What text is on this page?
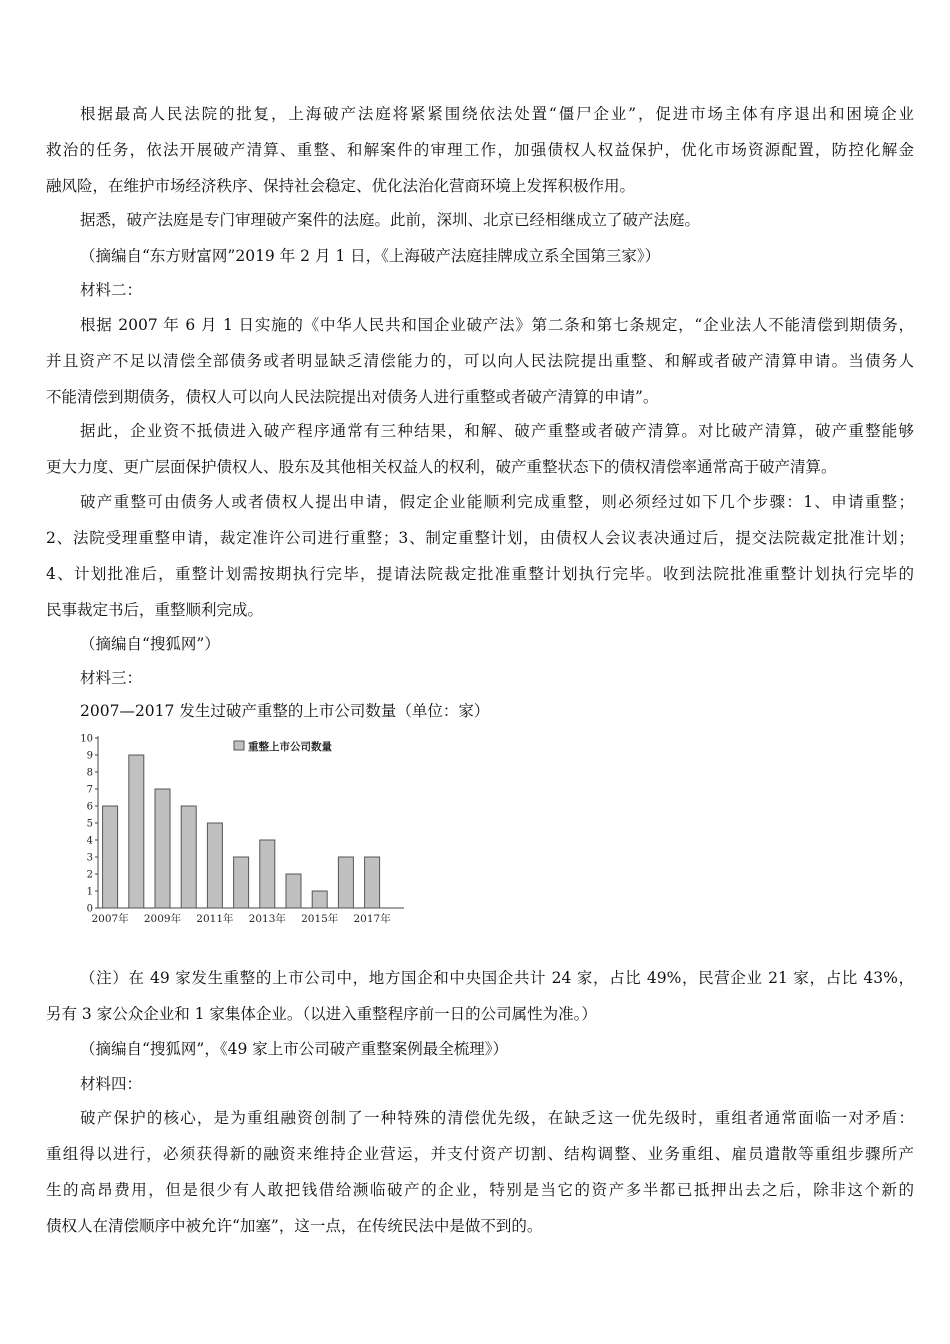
根据最高人民法院的批复，上海破产法庭将紧紧围绕依法处置“僵尸企业”，促进市场主体有序退出和困境企业
救治的任务，依法开展破产清算、重整、和解案件的审理工作，加强债权人权益保护，优化市场资源配置，防控化解金
融风险，在维护市场经济秩序、保持社会稳定、优化法治化营商环境上发挥积极作用。
据悉，破产法庭是专门审理破产案件的法庭。此前，深圳、北京已经相继成立了破产法庭。
（摘编自“东方财富网”2019 年 2 月 1 日，《上海破产法庭挂牌成立系全国第三家》）
材料二：
根据 2007 年 6 月 1 日实施的《中华人民共和国企业破产法》第二条和第七条规定，“企业法人不能清偿到期债务，
并且资产不足以清偿全部债务或者明显缺乏清偿能力的，可以向人民法院提出重整、和解或者破产清算申请。当债务人
不能清偿到期债务，债权人可以向人民法院提出对债务人进行重整或者破产清算的申请”。
据此，企业资不抵债进入破产程序通常有三种结果，和解、破产重整或者破产清算。对比破产清算，破产重整能够
更大力度、更广层面保护债权人、股东及其他相关权益人的权利，破产重整状态下的债权清偿率通常高于破产清算。
破产重整可由债务人或者债权人提出申请，假定企业能顺利完成重整，则必须经过如下几个步骤：1、申请重整；
2、法院受理重整申请，裁定准许公司进行重整；3、制定重整计划，由债权人会议表决通过后，提交法院裁定批准计划；
4、计划批准后，重整计划需按期执行完毕，提请法院裁定批准重整计划执行完毕。收到法院批准重整计划执行完毕的
民事裁定书后，重整顺利完成。
（摘编自“搜狐网”）
材料三：
2007—2017 发生过破产重整的上市公司数量（单位：家）
0
1
2
3
4
5
6
7
8
9
10
2007年 2009年 2011年 2013年 2015年 2017年
重整上市公司数量
（注）在 49 家发生重整的上市公司中，地方国企和中央国企共计 24 家，占比 49%，民营企业 21 家，占比 43%，
另有 3 家公众企业和 1 家集体企业。（以进入重整程序前一日的公司属性为准。）
（摘编自“搜狐网”，《49 家上市公司破产重整案例最全梳理》）
材料四：
破产保护的核心，是为重组融资创制了一种特殊的清偿优先级，在缺乏这一优先级时，重组者通常面临一对矛盾：
重组得以进行，必须获得新的融资来维持企业营运，并支付资产切割、结构调整、业务重组、雇员遣散等重组步骤所产
生的高昂费用，但是很少有人敢把钱借给濒临破产的企业，特别是当它的资产多半都已抵押出去之后，除非这个新的
债权人在清偿顺序中被允许“加塞”，这一点，在传统民法中是做不到的。
